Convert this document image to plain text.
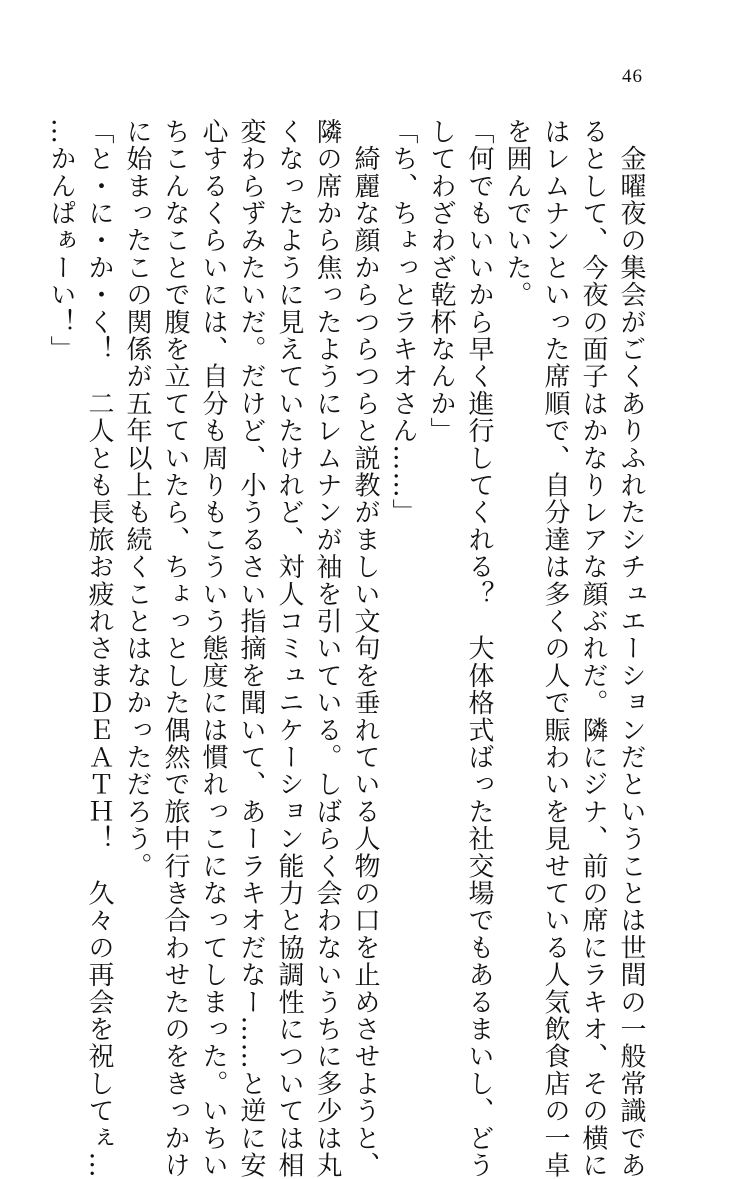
46
　金曜夜の集会がごくありふれたシチュエーションだということは世間の一般常識であ
るとして、今夜の面子はかなりレアな顔ぶれだ。隣にジナ、前の席にラキオ、その横に
はレムナンといった席順で、自分達は多くの人で賑わいを見せている人気飲食店の一卓
を囲んでいた。
「何でもいいから早く進行してくれる？　大体格式ばった社交場でもあるまいし、どう
してわざわざ乾杯なんか」
「ち、ちょっとラキオさん……」
　綺麗な顔からつらつらと説教がましい文句を垂れている人物の口を止めさせようと、
隣の席から焦ったようにレムナンが袖を引いている。しばらく会わないうちに多少は丸
くなったように見えていたけれど、対人コミュニケーション能力と協調性については相
変わらずみたいだ。だけど、小うるさい指摘を聞いて、あーラキオだなー……と逆に安
心するくらいには、自分も周りもこういう態度には慣れっこになってしまった。いちい
ちこんなことで腹を立てていたら、ちょっとした偶然で旅中行き合わせたのをきっかけ
に始まったこの関係が五年以上も続くことはなかっただろう。
「と・に・か・く！　二人とも長旅お疲れさまＤＥＡＴＨ！　久々の再会を祝してぇ…
…かんぱぁーい！」
